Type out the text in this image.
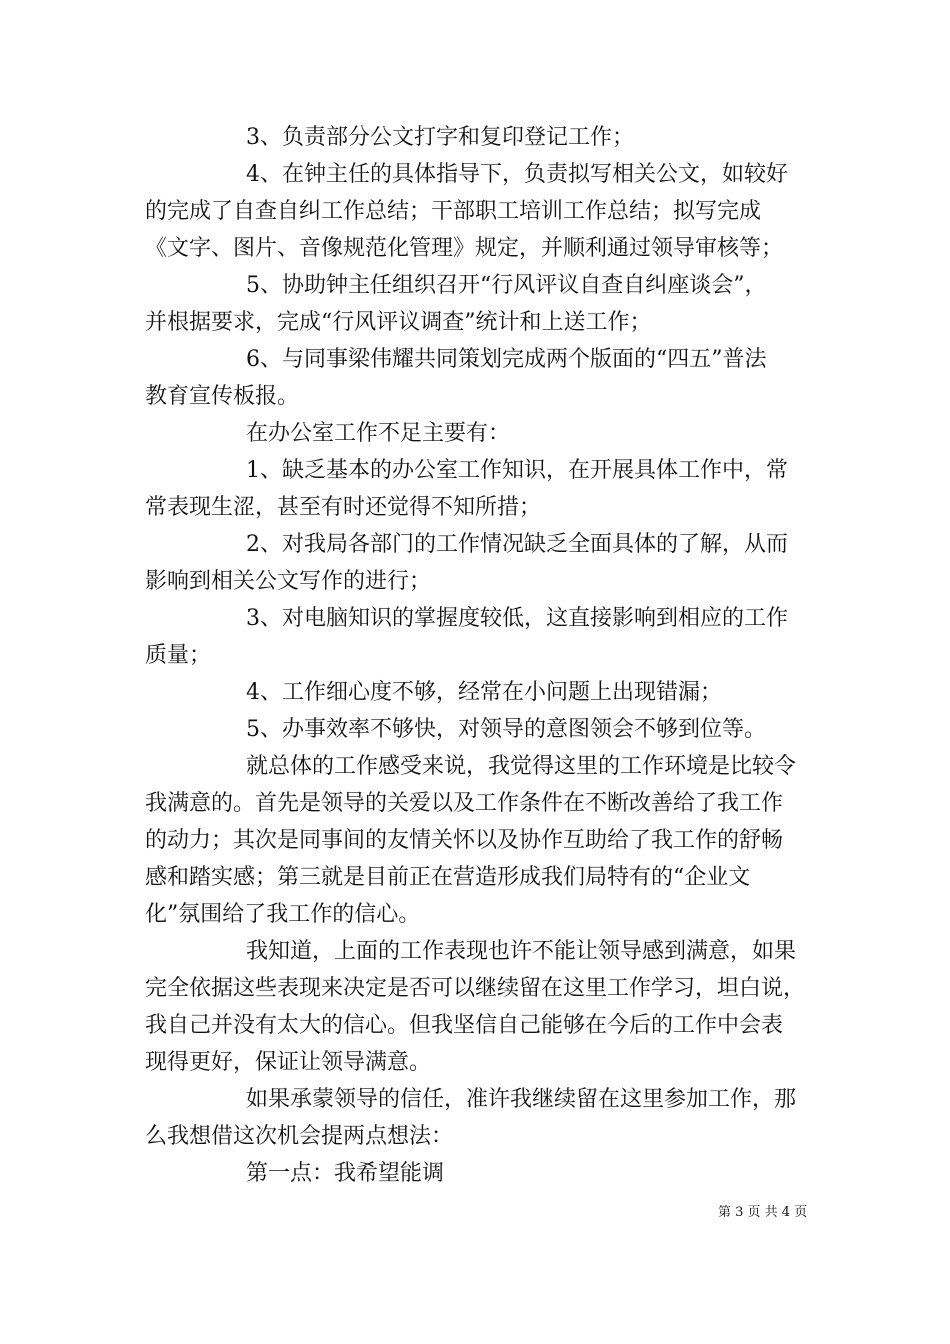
3、负责部分公文打字和复印登记工作；
4、在钟主任的具体指导下，负责拟写相关公文，如较好
的完成了自查自纠工作总结；干部职工培训工作总结；拟写完成
《文字、图片、音像规范化管理》规定，并顺利通过领导审核等；
5、协助钟主任组织召开“行风评议自查自纠座谈会”，
并根据要求，完成“行风评议调查”统计和上送工作；
6、与同事梁伟耀共同策划完成两个版面的“四五”普法
教育宣传板报。
在办公室工作不足主要有：
1、缺乏基本的办公室工作知识，在开展具体工作中，常
常表现生涩，甚至有时还觉得不知所措；
2、对我局各部门的工作情况缺乏全面具体的了解，从而
影响到相关公文写作的进行；
3、对电脑知识的掌握度较低，这直接影响到相应的工作
质量；
4、工作细心度不够，经常在小问题上出现错漏；
5、办事效率不够快，对领导的意图领会不够到位等。
就总体的工作感受来说，我觉得这里的工作环境是比较令
我满意的。首先是领导的关爱以及工作条件在不断改善给了我工作
的动力；其次是同事间的友情关怀以及协作互助给了我工作的舒畅
感和踏实感；第三就是目前正在营造形成我们局特有的“企业文
化”氛围给了我工作的信心。
我知道，上面的工作表现也许不能让领导感到满意，如果
完全依据这些表现来决定是否可以继续留在这里工作学习，坦白说，
我自己并没有太大的信心。但我坚信自己能够在今后的工作中会表
现得更好，保证让领导满意。
如果承蒙领导的信任，准许我继续留在这里参加工作，那
么我想借这次机会提两点想法：
第一点：我希望能调
第 3 页 共 4 页
